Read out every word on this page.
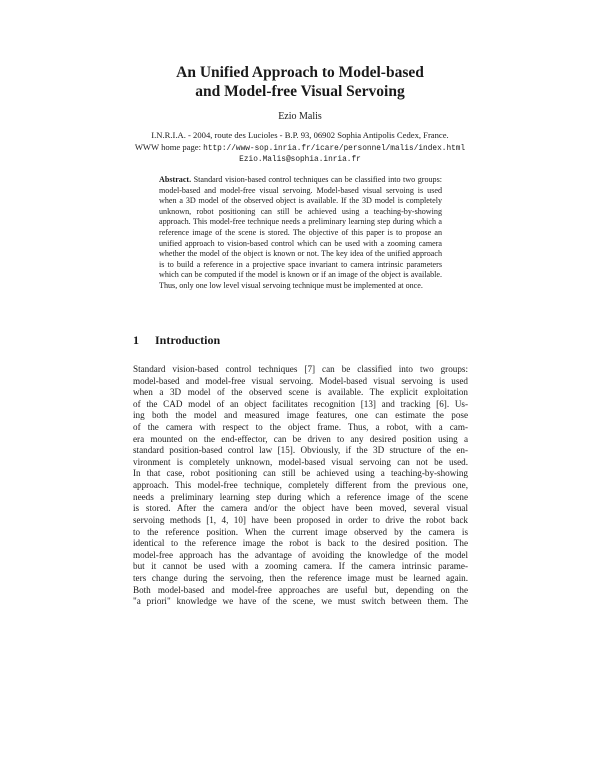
An Unified Approach to Model-based
and Model-free Visual Servoing
Ezio Malis
I.N.R.I.A. - 2004, route des Lucioles - B.P. 93, 06902 Sophia Antipolis Cedex, France.
WWW home page: http://www-sop.inria.fr/icare/personnel/malis/index.html
Ezio.Malis@sophia.inria.fr
Abstract. Standard vision-based control techniques can be classified into two groups: model-based and model-free visual servoing. Model-based visual servoing is used when a 3D model of the observed object is available. If the 3D model is completely unknown, robot positioning can still be achieved using a teaching-by-showing approach. This model-free technique needs a preliminary learning step during which a reference image of the scene is stored. The objective of this paper is to propose an unified approach to vision-based control which can be used with a zooming camera whether the model of the object is known or not. The key idea of the unified approach is to build a reference in a projective space invariant to camera intrinsic parameters which can be computed if the model is known or if an image of the object is available. Thus, only one low level visual servoing technique must be implemented at once.
1 Introduction
Standard vision-based control techniques [7] can be classified into two groups:
model-based and model-free visual servoing. Model-based visual servoing is used
when a 3D model of the observed scene is available. The explicit exploitation
of the CAD model of an object facilitates recognition [13] and tracking [6]. Us-
ing both the model and measured image features, one can estimate the pose
of the camera with respect to the object frame. Thus, a robot, with a cam-
era mounted on the end-effector, can be driven to any desired position using a
standard position-based control law [15]. Obviously, if the 3D structure of the en-
vironment is completely unknown, model-based visual servoing can not be used.
In that case, robot positioning can still be achieved using a teaching-by-showing
approach. This model-free technique, completely different from the previous one,
needs a preliminary learning step during which a reference image of the scene
is stored. After the camera and/or the object have been moved, several visual
servoing methods [1, 4, 10] have been proposed in order to drive the robot back
to the reference position. When the current image observed by the camera is
identical to the reference image the robot is back to the desired position. The
model-free approach has the advantage of avoiding the knowledge of the model
but it cannot be used with a zooming camera. If the camera intrinsic parame-
ters change during the servoing, then the reference image must be learned again.
Both model-based and model-free approaches are useful but, depending on the
"a priori" knowledge we have of the scene, we must switch between them. The
